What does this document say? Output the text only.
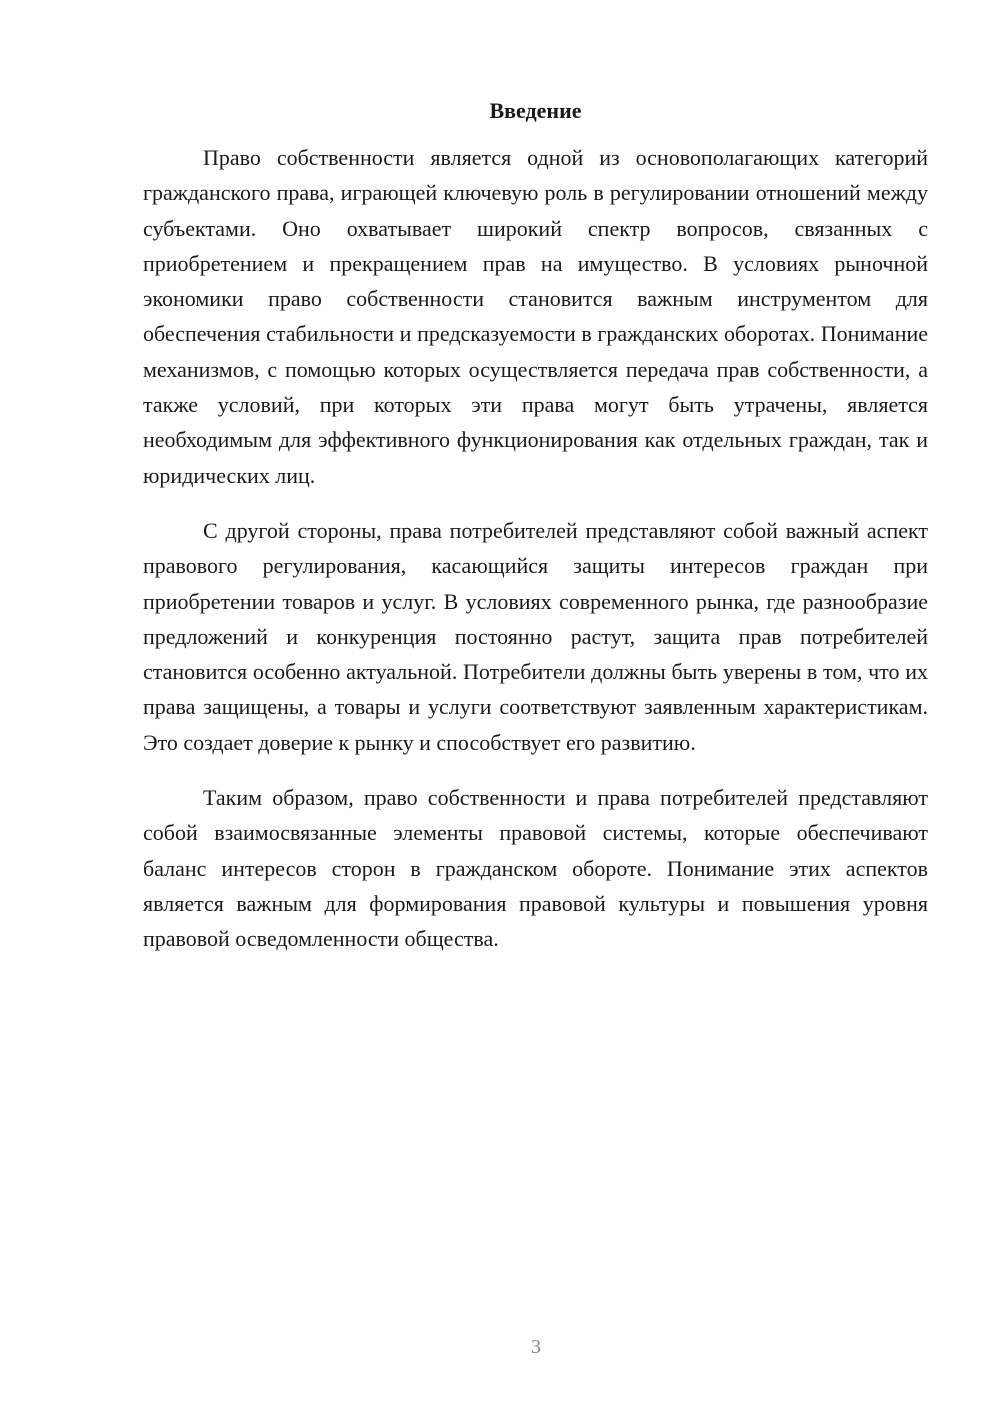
Введение

Право собственности является одной из основополагающих категорий гражданского права, играющей ключевую роль в регулировании отношений между субъектами. Оно охватывает широкий спектр вопросов, связанных с приобретением и прекращением прав на имущество. В условиях рыночной экономики право собственности становится важным инструментом для обеспечения стабильности и предсказуемости в гражданских оборотах. Понимание механизмов, с помощью которых осуществляется передача прав собственности, а также условий, при которых эти права могут быть утрачены, является необходимым для эффективного функционирования как отдельных граждан, так и юридических лиц.

С другой стороны, права потребителей представляют собой важный аспект правового регулирования, касающийся защиты интересов граждан при приобретении товаров и услуг. В условиях современного рынка, где разнообразие предложений и конкуренция постоянно растут, защита прав потребителей становится особенно актуальной. Потребители должны быть уверены в том, что их права защищены, а товары и услуги соответствуют заявленным характеристикам. Это создает доверие к рынку и способствует его развитию.

Таким образом, право собственности и права потребителей представляют собой взаимосвязанные элементы правовой системы, которые обеспечивают баланс интересов сторон в гражданском обороте. Понимание этих аспектов является важным для формирования правовой культуры и повышения уровня правовой осведомленности общества.

3
